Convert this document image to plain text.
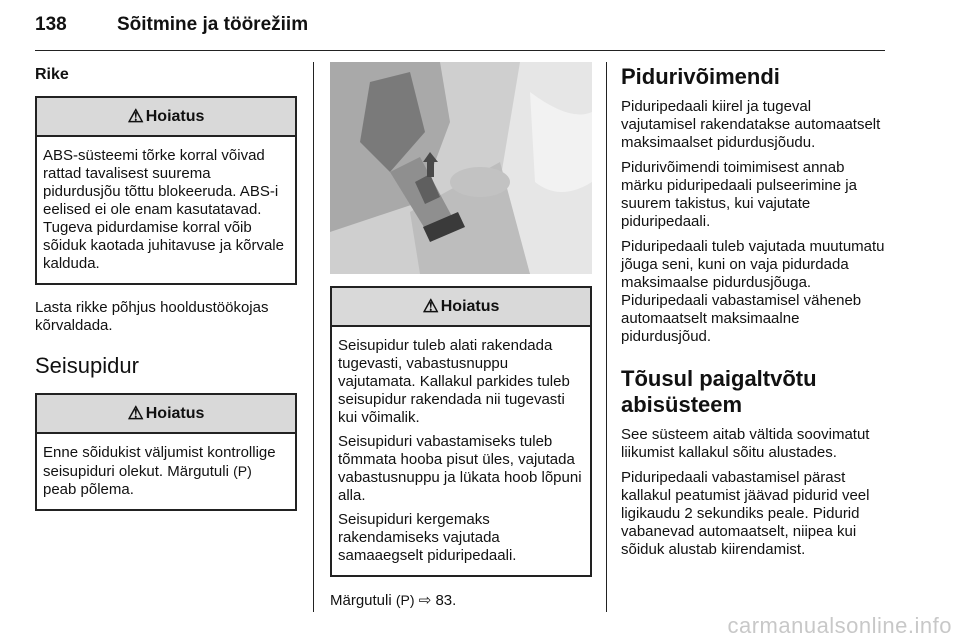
138	Sõitmine ja töörežiim
Rike
⚠ Hoiatus

ABS-süsteemi tõrke korral võivad rattad tavalisest suurema pidurdusjõu tõttu blokeeruda. ABS-i eelised ei ole enam kasutatavad. Tugeva pidurdamise korral võib sõiduk kaotada juhitavuse ja kõrvale kalduda.

Lasta rikke põhjus hooldustöökojas kõrvaldada.

Seisupidur
⚠ Hoiatus

Enne sõidukist väljumist kontrollige seisupiduri olekut. Märgutuli (P) peab põlema.

⚠ Hoiatus

Seisupidur tuleb alati rakendada tugevasti, vabastusnuppu vajutamata. Kallakul parkides tuleb seisupidur rakendada nii tugevasti kui võimalik.

Seisupiduri vabastamiseks tuleb tõmmata hooba pisut üles, vajutada vabastusnuppu ja lükata hoob lõpuni alla.

Seisupiduri kergemaks rakendamiseks vajutada samaaegselt piduripedaali.

Märgutuli (P) ⇨ 83.

Pidurivõimendi

Piduripedaali kiirel ja tugeval vajutamisel rakendatakse automaatselt maksimaalset pidurdusjõudu.

Pidurivõimendi toimimisest annab märku piduripedaali pulseerimine ja suurem takistus, kui vajutate piduripedaali.

Piduripedaali tuleb vajutada muutumatu jõuga seni, kuni on vaja pidurdada maksimaalse pidurdusjõuga. Piduripedaali vabastamisel väheneb automaatselt maksimaalne pidurdusjõud.

Tõusul paigaltvõtu abisüsteem

See süsteem aitab vältida soovimatut liikumist kallakul sõitu alustades.

Piduripedaali vabastamisel pärast kallakul peatumist jäävad pidurid veel ligikaudu 2 sekundiks peale. Pidurid vabanevad automaatselt, niipea kui sõiduk alustab kiirendamist.

carmanualsonline.info
